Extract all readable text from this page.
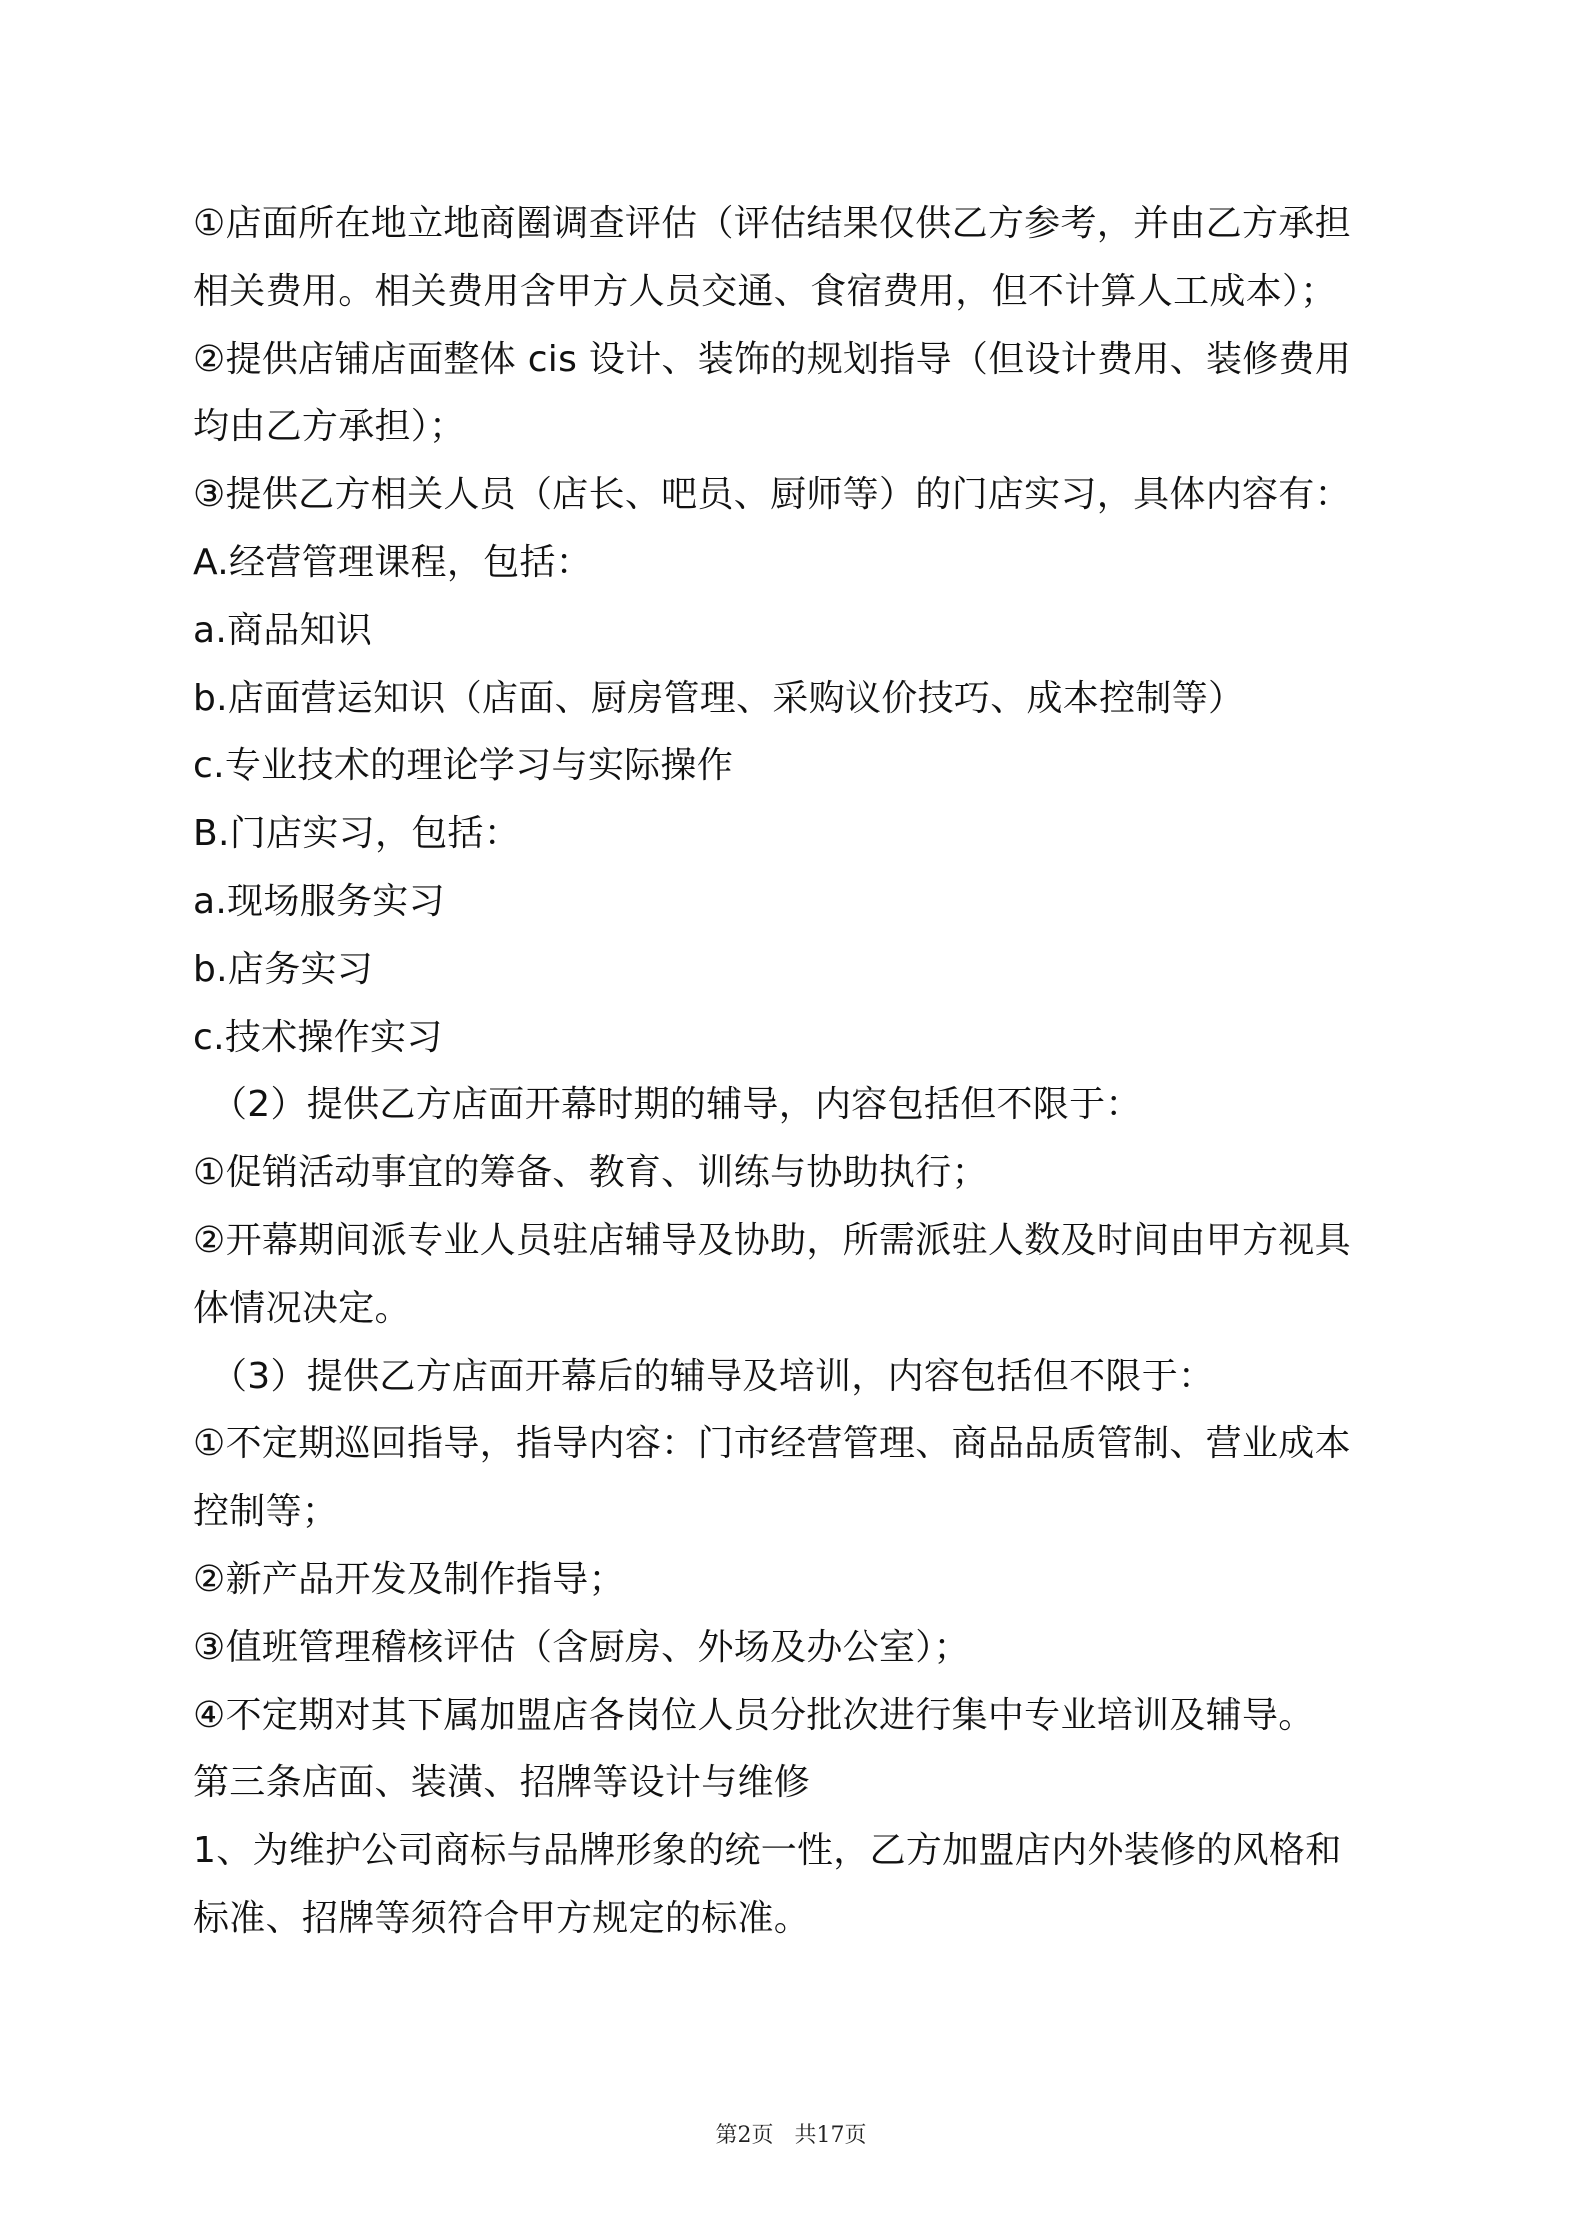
①店面所在地立地商圈调查评估（评估结果仅供乙方参考，并由乙方承担
相关费用。相关费用含甲方人员交通、食宿费用，但不计算人工成本）；
②提供店铺店面整体 cis 设计、装饰的规划指导（但设计费用、装修费用
均由乙方承担）；
③提供乙方相关人员（店长、吧员、厨师等）的门店实习，具体内容有：
A.经营管理课程，包括：
a.商品知识
b.店面营运知识（店面、厨房管理、采购议价技巧、成本控制等）
c.专业技术的理论学习与实际操作
B.门店实习，包括：
a.现场服务实习
b.店务实习
c.技术操作实习
（2）提供乙方店面开幕时期的辅导，内容包括但不限于：
①促销活动事宜的筹备、教育、训练与协助执行；
②开幕期间派专业人员驻店辅导及协助，所需派驻人数及时间由甲方视具
体情况决定。
（3）提供乙方店面开幕后的辅导及培训，内容包括但不限于：
①不定期巡回指导，指导内容：门市经营管理、商品品质管制、营业成本
控制等；
②新产品开发及制作指导；
③值班管理稽核评估（含厨房、外场及办公室）；
④不定期对其下属加盟店各岗位人员分批次进行集中专业培训及辅导。
第三条店面、装潢、招牌等设计与维修
1、为维护公司商标与品牌形象的统一性，乙方加盟店内外装修的风格和
标准、招牌等须符合甲方规定的标准。
第2页 共17页
